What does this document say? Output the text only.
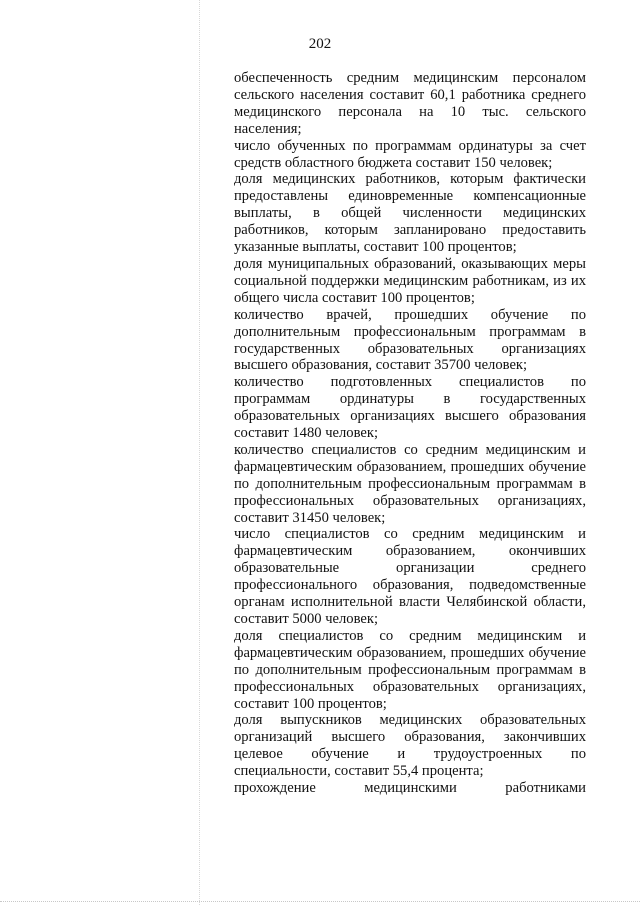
202
обеспеченность средним медицинским персоналом сельского населения составит 60,1 работника среднего медицинского персонала на 10 тыс. сельского населения;
число обученных по программам ординатуры за счет средств областного бюджета составит 150 человек;
доля медицинских работников, которым фактически предоставлены единовременные компенсационные выплаты, в общей численности медицинских работников, которым запланировано предоставить указанные выплаты, составит 100 процентов;
доля муниципальных образований, оказывающих меры социальной поддержки медицинским работникам, из их общего числа составит 100 процентов;
количество врачей, прошедших обучение по дополнительным профессиональным программам в государственных образовательных организациях высшего образования, составит 35700 человек;
количество подготовленных специалистов по программам ординатуры в государственных образовательных организациях высшего образования составит 1480 человек;
количество специалистов со средним медицинским и фармацевтическим образованием, прошедших обучение по дополнительным профессиональным программам в профессиональных образовательных организациях, составит 31450 человек;
число специалистов со средним медицинским и фармацевтическим образованием, окончивших образовательные организации среднего профессионального образования, подведомственные органам исполнительной власти Челябинской области, составит 5000 человек;
доля специалистов со средним медицинским и фармацевтическим образованием, прошедших обучение по дополнительным профессиональным программам в профессиональных образовательных организациях, составит 100 процентов;
доля выпускников медицинских образовательных организаций высшего образования, закончивших целевое обучение и трудоустроенных по специальности, составит 55,4 процента;
прохождение медицинскими работниками
